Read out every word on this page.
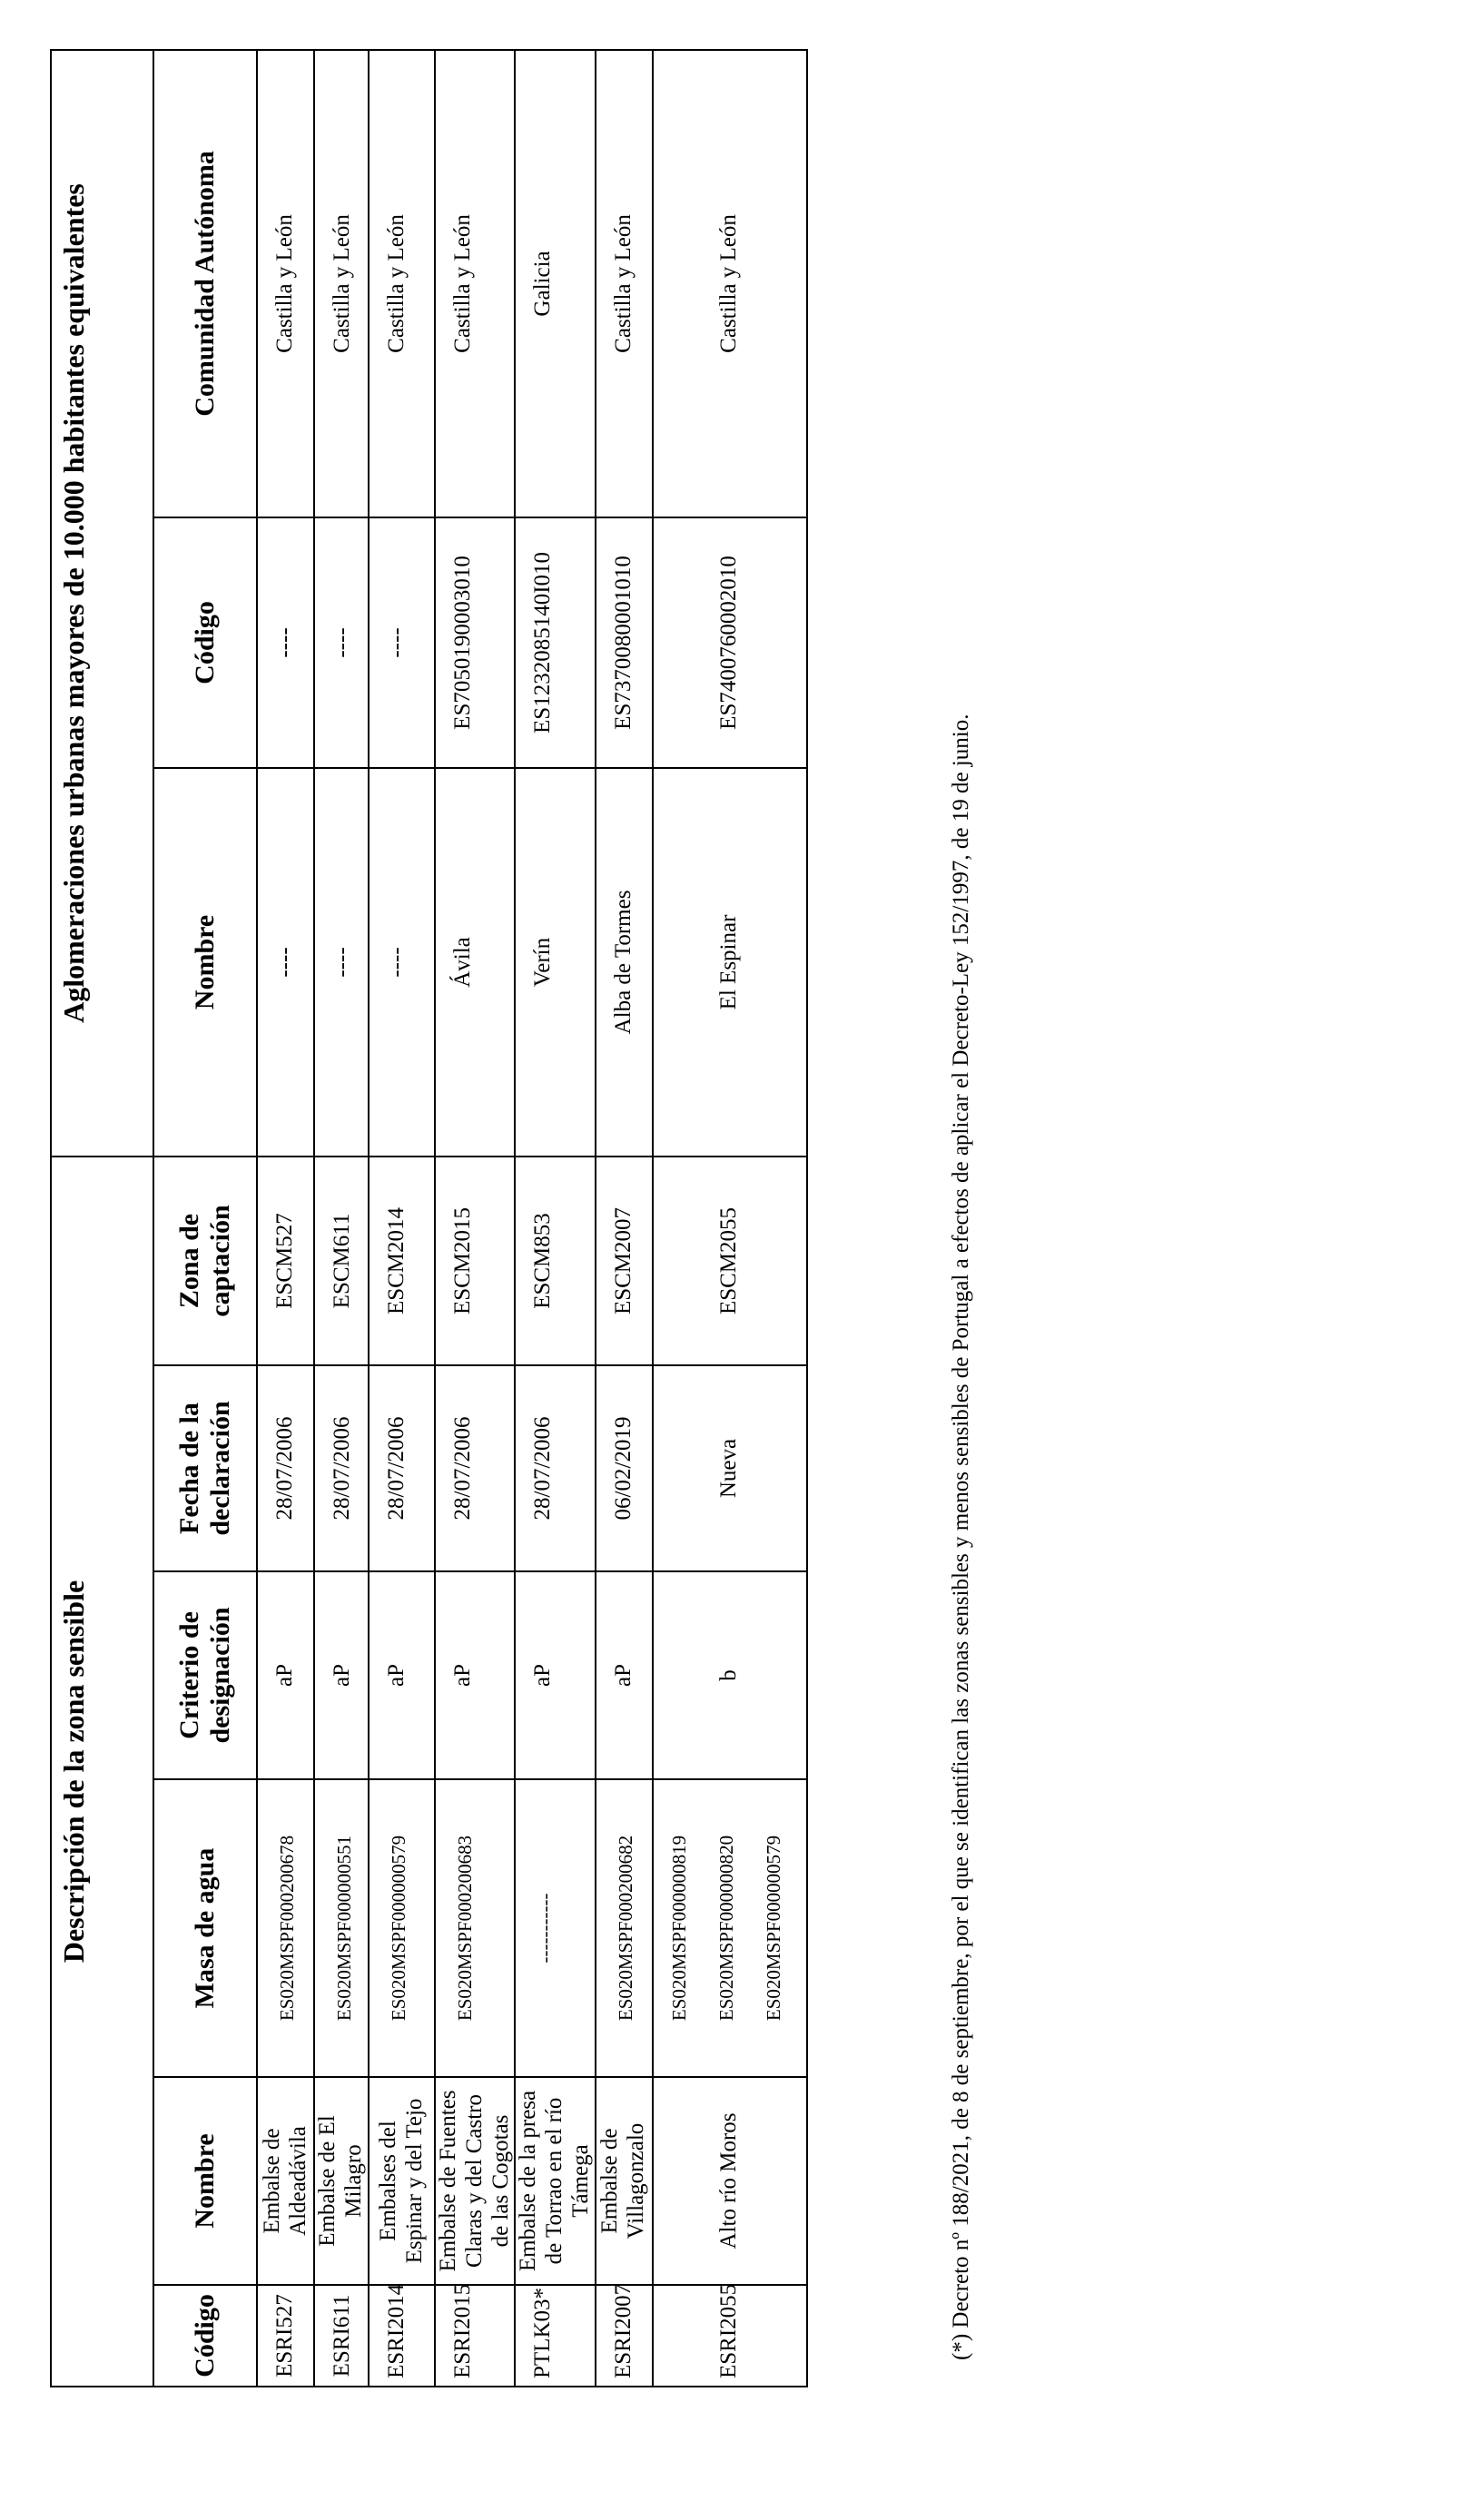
Descripción de la zona sensible						Aglomeraciones urbanas mayores de 10.000 habitantes equivalentes		
Código	Nombre	Masa de agua	Criterio de designación	Fecha de la declaración	Zona de captación	Nombre	Código	Comunidad Autónoma
ESRI527	Embalse de Aldeadávila	ES020MSPF000200678	aP	28/07/2006	ESCM527	----	----	Castilla y León
ESRI611	Embalse de El Milagro	ES020MSPF000000551	aP	28/07/2006	ESCM611	----	----	Castilla y León
ESRI2014	Embalses del Espinar y del Tejo	ES020MSPF000000579	aP	28/07/2006	ESCM2014	----	----	Castilla y León
ESRI2015	Embalse de Fuentes Claras y del Castro de las Cogotas	ES020MSPF000200683	aP	28/07/2006	ESCM2015	Ávila	ES7050190003010	Castilla y León
PTLK03*	Embalse de la presa de Torrao en el río Támega	-----------	aP	28/07/2006	ESCM853	Verín	ES1232085140I010	Galicia
ESRI2007	Embalse de Villagonzalo	ES020MSPF000200682	aP	06/02/2019	ESCM2007	Alba de Tormes	ES7370080001010	Castilla y León
ESRI2055	Alto río Moros	ES020MSPF000000819 ES020MSPF000000820 ES020MSPF000000579	b	Nueva	ESCM2055	El Espinar	ES7400760002010	Castilla y León
(*) Decreto nº 188/2021, de 8 de septiembre, por el que se identifican las zonas sensibles y menos sensibles de Portugal a efectos de aplicar el Decreto-Ley 152/1997, de 19 de junio.
